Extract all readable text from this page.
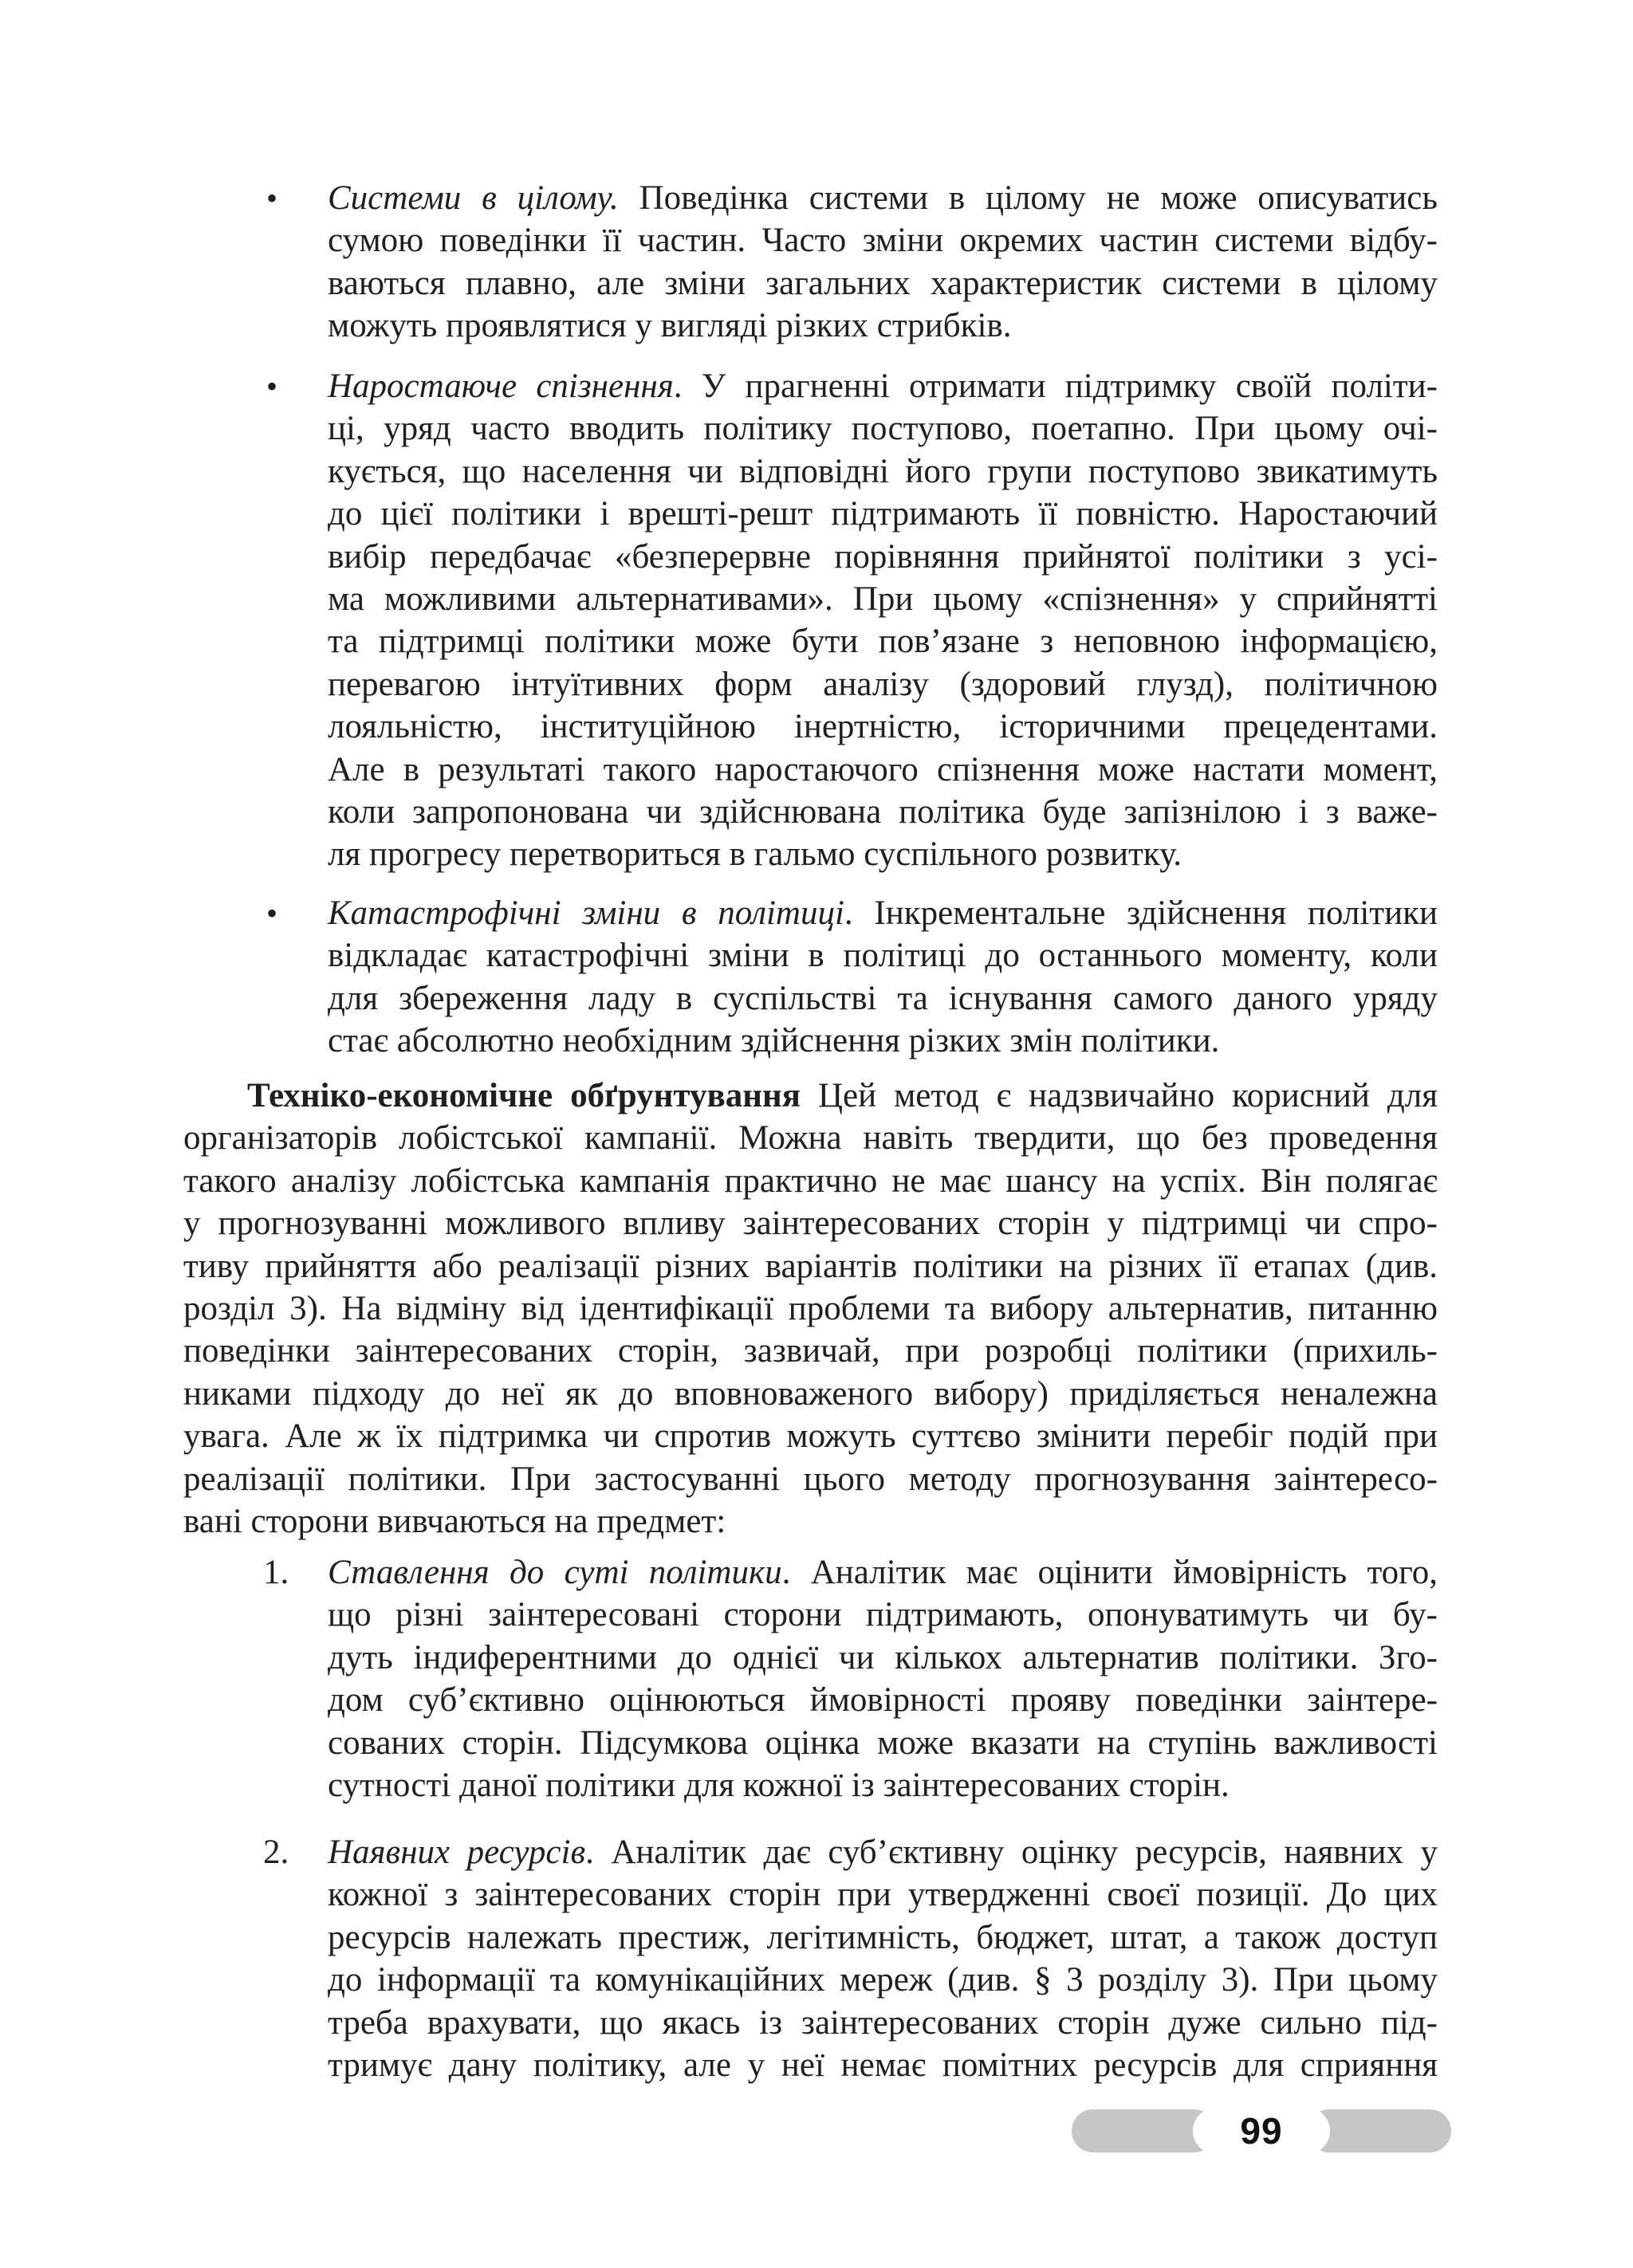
• Системи в цілому. Поведінка системи в цілому не може описуватись
сумою поведінки її частин. Часто зміни окремих частин системи відбу-
ваються плавно, але зміни загальних характеристик системи в цілому
можуть проявлятися у вигляді різких стрибків.
• Наростаюче спізнення. У прагненні отримати підтримку своїй політи-
ці, уряд часто вводить політику поступово, поетапно. При цьому очі-
кується, що населення чи відповідні його групи поступово звикатимуть
до цієї політики і врешті-решт підтримають її повністю. Наростаючий
вибір передбачає «безперервне порівняння прийнятої політики з усі-
ма можливими альтернативами». При цьому «спізнення» у сприйнятті
та підтримці політики може бути пов’язане з неповною інформацією,
перевагою інтуїтивних форм аналізу (здоровий глузд), політичною
лояльністю, інституційною інертністю, історичними прецедентами.
Але в результаті такого наростаючого спізнення може настати момент,
коли запропонована чи здійснювана політика буде запізнілою і з важе-
ля прогресу перетвориться в гальмо суспільного розвитку.
• Катастрофічні зміни в політиці. Інкрементальне здійснення політики
відкладає катастрофічні зміни в політиці до останнього моменту, коли
для збереження ладу в суспільстві та існування самого даного уряду
стає абсолютно необхідним здійснення різких змін політики.
Техніко-економічне обґрунтування Цей метод є надзвичайно корисний для
організаторів лобістської кампанії. Можна навіть твердити, що без проведення
такого аналізу лобістська кампанія практично не має шансу на успіх. Він полягає
у прогнозуванні можливого впливу заінтересованих сторін у підтримці чи спро-
тиву прийняття або реалізації різних варіантів політики на різних її етапах (див.
розділ 3). На відміну від ідентифікації проблеми та вибору альтернатив, питанню
поведінки заінтересованих сторін, зазвичай, при розробці політики (прихиль-
никами підходу до неї як до вповноваженого вибору) приділяється неналежна
увага. Але ж їх підтримка чи спротив можуть суттєво змінити перебіг подій при
реалізації політики. При застосуванні цього методу прогнозування заінтересо-
вані сторони вивчаються на предмет:
1. Ставлення до суті політики. Аналітик має оцінити ймовірність того,
що різні заінтересовані сторони підтримають, опонуватимуть чи бу-
дуть індиферентними до однієї чи кількох альтернатив політики. Зго-
дом суб’єктивно оцінюються ймовірності прояву поведінки заінтере-
сованих сторін. Підсумкова оцінка може вказати на ступінь важливості
сутності даної політики для кожної із заінтересованих сторін.
2. Наявних ресурсів. Аналітик дає суб’єктивну оцінку ресурсів, наявних у
кожної з заінтересованих сторін при утвердженні своєї позиції. До цих
ресурсів належать престиж, легітимність, бюджет, штат, а також доступ
до інформації та комунікаційних мереж (див. § 3 розділу 3). При цьому
треба врахувати, що якась із заінтересованих сторін дуже сильно під-
тримує дану політику, але у неї немає помітних ресурсів для сприяння
99
